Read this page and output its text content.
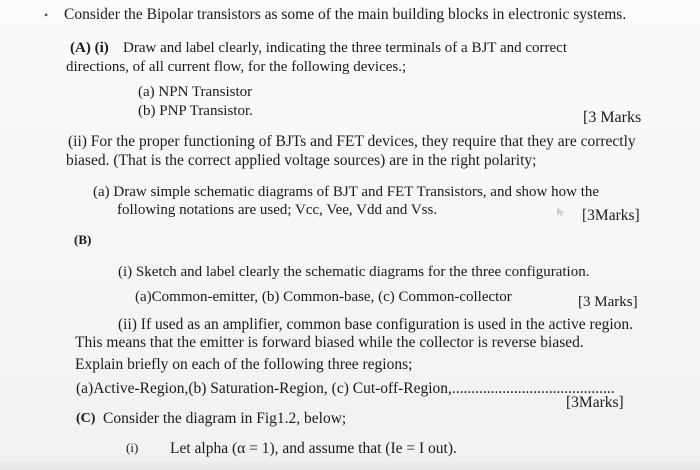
• Consider the Bipolar transistors as some of the main building blocks in electronic systems.
(A) (i) Draw and label clearly, indicating the three terminals of a BJT and correct
directions, of all current flow, for the following devices.;
(a) NPN Transistor
(b) PNP Transistor.	[3 Marks
(ii) For the proper functioning of BJTs and FET devices, they require that they are correctly
biased. (That is the correct applied voltage sources) are in the right polarity;
(a) Draw simple schematic diagrams of BJT and FET Transistors, and show how the
following notations are used; Vcc, Vee, Vdd and Vss.	[3Marks]
(B)
(i) Sketch and label clearly the schematic diagrams for the three configuration.
(a)Common-emitter, (b) Common-base, (c) Common-collector	[3 Marks]
(ii) If used as an amplifier, common base configuration is used in the active region.
This means that the emitter is forward biased while the collector is reverse biased.
Explain briefly on each of the following three regions;
(a)Active-Region,(b) Saturation-Region, (c) Cut-off-Region,..........................................
[3Marks]
(C) Consider the diagram in Fig1.2, below;
(i) Let alpha (α = 1), and assume that (Ie = I out).
